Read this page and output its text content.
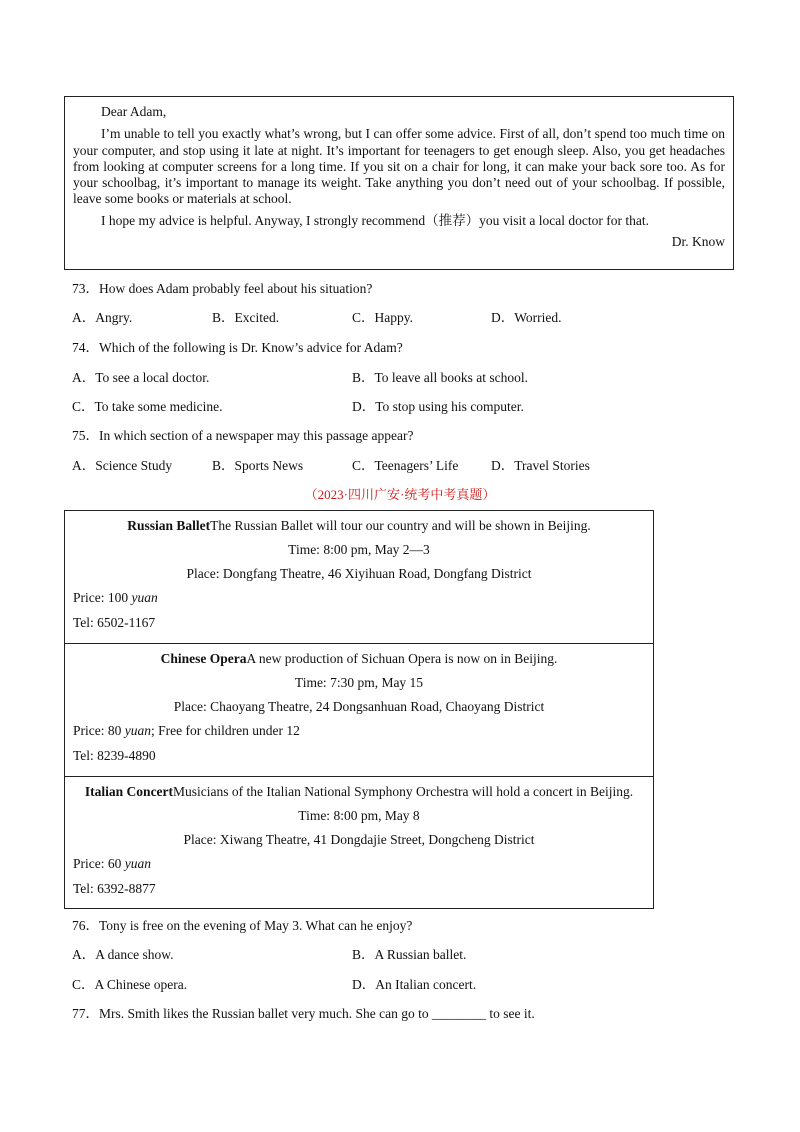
Dear Adam,

I’m unable to tell you exactly what’s wrong, but I can offer some advice. First of all, don’t spend too much time on your computer, and stop using it late at night. It’s important for teenagers to get enough sleep. Also, you get headaches from looking at computer screens for a long time. If you sit on a chair for long, it can make your back sore too. As for your schoolbag, it’s important to manage its weight. Take anything you don’t need out of your schoolbag. If possible, leave some books or materials at school.

I hope my advice is helpful. Anyway, I strongly recommend（推荐）you visit a local doctor for that.

Dr. Know

73．How does Adam probably feel about his situation?
A．Angry.	B．Excited.	C．Happy.	D．Worried.
74．Which of the following is Dr. Know’s advice for Adam?
A．To see a local doctor.	B．To leave all books at school.
C．To take some medicine.	D．To stop using his computer.
75．In which section of a newspaper may this passage appear?
A．Science Study	B．Sports News	C．Teenagers’ Life D．Travel Stories
（2023·四川广安·统考中考真题）
Russian BalletThe Russian Ballet will tour our country and will be shown in Beijing.
Time: 8:00 pm, May 2—3
Place: Dongfang Theatre, 46 Xiyihuan Road, Dongfang District
Price: 100 yuan
Tel: 6502-1167
Chinese OperaA new production of Sichuan Opera is now on in Beijing.
Time: 7:30 pm, May 15
Place: Chaoyang Theatre, 24 Dongsanhuan Road, Chaoyang District
Price: 80 yuan; Free for children under 12
Tel: 8239-4890
Italian ConcertMusicians of the Italian National Symphony Orchestra will hold a concert in Beijing.
Time: 8:00 pm, May 8
Place: Xiwang Theatre, 41 Dongdajie Street, Dongcheng District
Price: 60 yuan
Tel: 6392-8877
76．Tony is free on the evening of May 3. What can he enjoy?
A．A dance show.	B．A Russian ballet.
C．A Chinese opera.	D．An Italian concert.
77．Mrs. Smith likes the Russian ballet very much. She can go to ________ to see it.
